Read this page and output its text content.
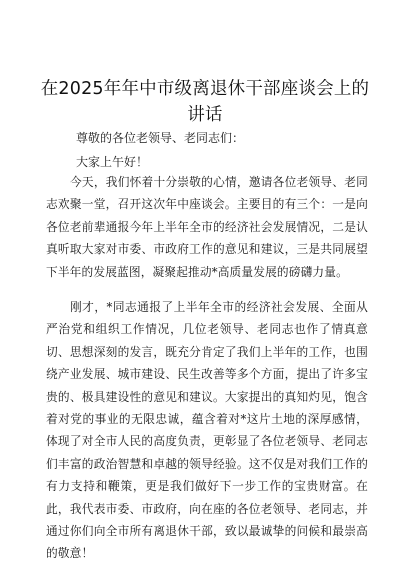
在2025年年中市级离退休干部座谈会上的讲话
尊敬的各位老领导、老同志们：
大家上午好！

今天，我们怀着十分崇敬的心情，邀请各位老领导、老同志欢聚一堂，召开这次年中座谈会。主要目的有三个：一是向各位老前辈通报今年上半年全市的经济社会发展情况，二是认真听取大家对市委、市政府工作的意见和建议，三是共同展望下半年的发展蓝图，凝聚起推动*高质量发展的磅礴力量。

刚才，*同志通报了上半年全市的经济社会发展、全面从严治党和组织工作情况，几位老领导、老同志也作了情真意切、思想深刻的发言，既充分肯定了我们上半年的工作，也围绕产业发展、城市建设、民生改善等多个方面，提出了许多宝贵的、极具建设性的意见和建议。大家提出的真知灼见，饱含着对党的事业的无限忠诚，蕴含着对*这片土地的深厚感情，体现了对全市人民的高度负责，更彰显了各位老领导、老同志们丰富的政治智慧和卓越的领导经验。这不仅是对我们工作的有力支持和鞭策，更是我们做好下一步工作的宝贵财富。在此，我代表市委、市政府，向在座的各位老领导、老同志，并通过你们向全市所有离退休干部，致以最诚挚的问候和最崇高的敬意！
